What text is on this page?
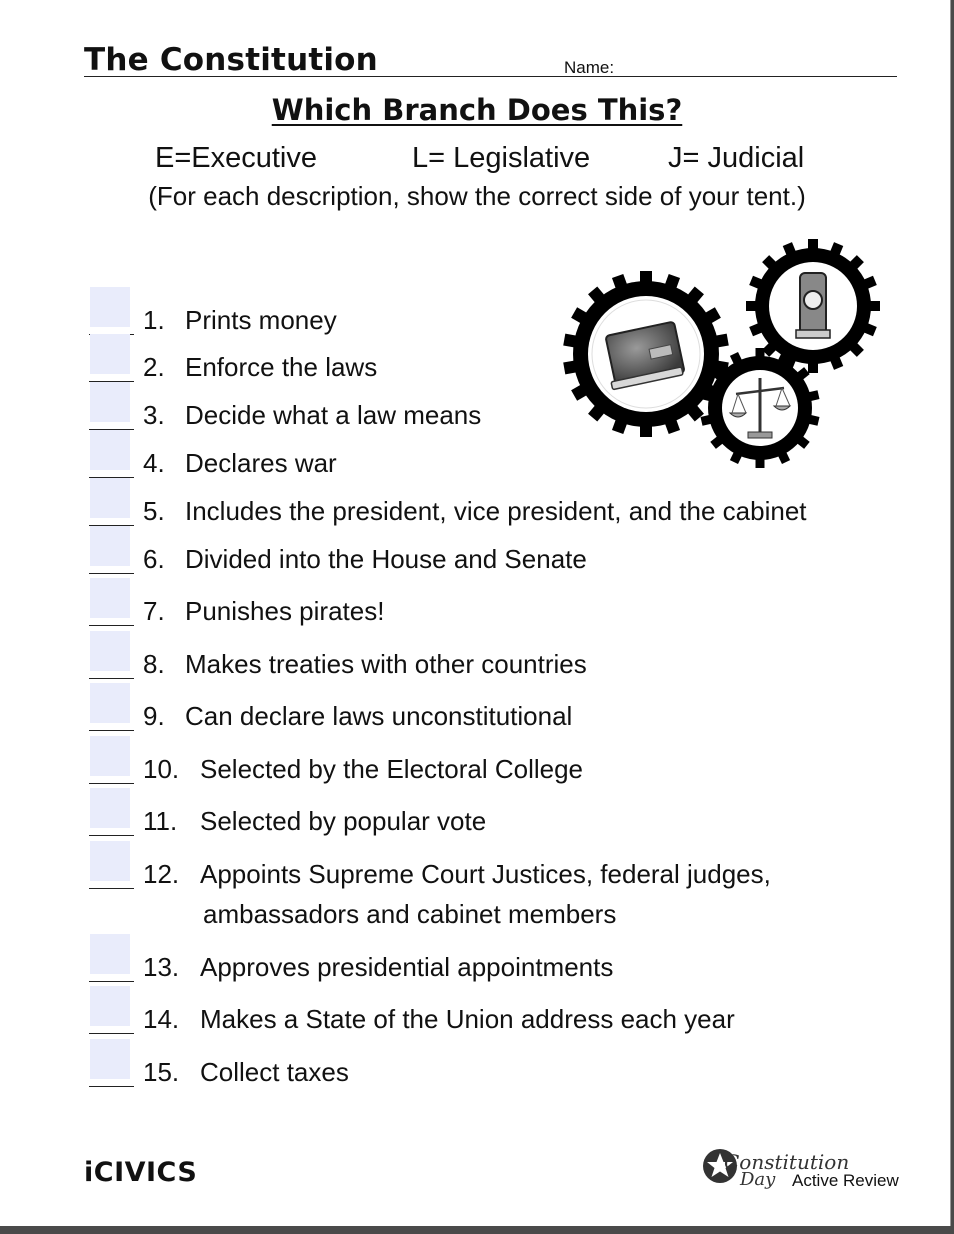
The Constitution	Name:
Which Branch Does This?
E=Executive	L= Legislative	J= Judicial
(For each description, show the correct side of your tent.)
1. Prints money
2. Enforce the laws
3. Decide what a law means
4. Declares war
5. Includes the president, vice president, and the cabinet
6. Divided into the House and Senate
7. Punishes pirates!
8. Makes treaties with other countries
9. Can declare laws unconstitutional
10. Selected by the Electoral College
11. Selected by popular vote
12. Appoints Supreme Court Justices, federal judges,
ambassadors and cabinet members
13. Approves presidential appointments
14. Makes a State of the Union address each year
15. Collect taxes
iCIVICS	Constitution
Day Active Review
